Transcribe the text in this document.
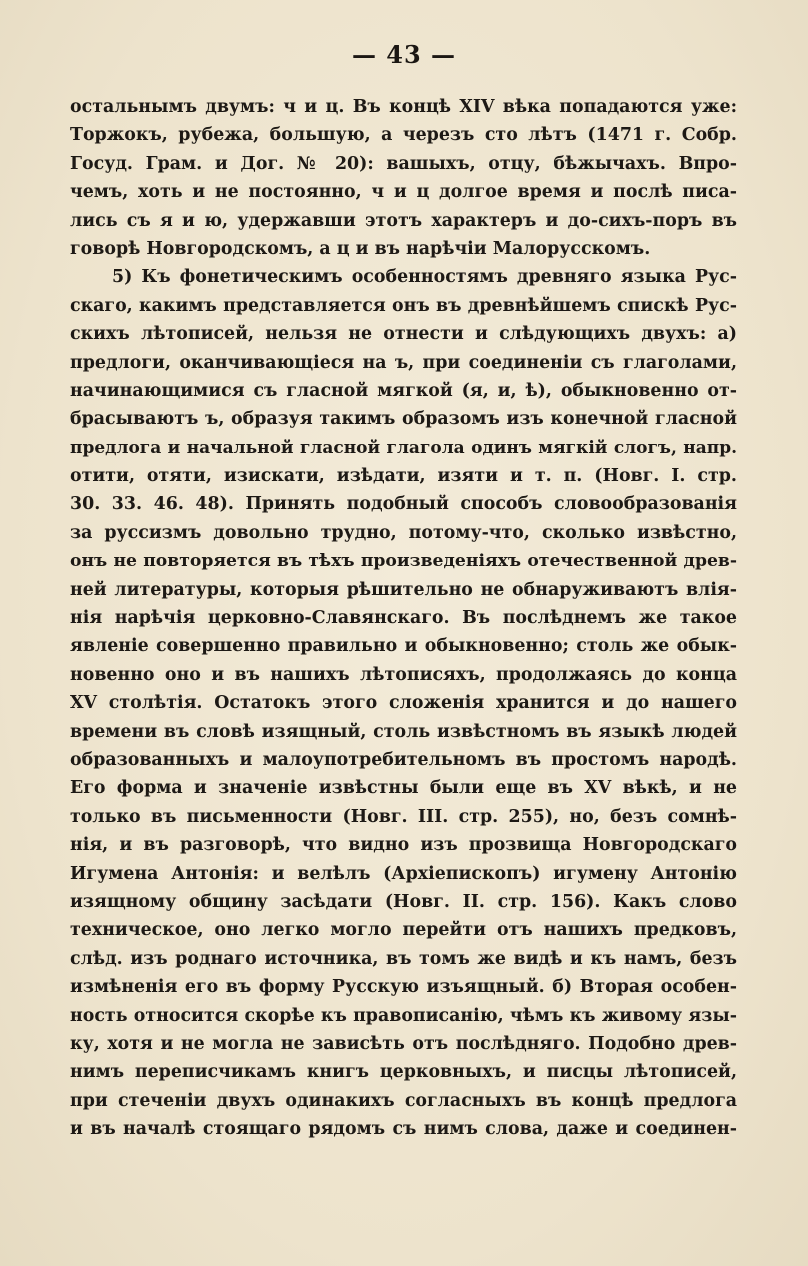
— 43 —
остальнымъ двумъ: ч и ц. Въ концѣ XIV вѣка попадаются уже:
Торжокъ, рубежа, большую, а черезъ сто лѣтъ (1471 г. Собр.
Госуд. Грам. и Дог. № 20): вашыхъ, отцу, бѣжычахъ. Впро-
чемъ, хоть и не постоянно, ч и ц долгое время и послѣ писа-
лись съ я и ю, удержавши этотъ характеръ и до-сихъ-поръ въ
говорѣ Новгородскомъ, а ц и въ нарѣчіи Малорусскомъ.
5) Къ фонетическимъ особенностямъ древняго языка Рус-
скаго, какимъ представляется онъ въ древнѣйшемъ спискѣ Рус-
скихъ лѣтописей, нельзя не отнести и слѣдующихъ двухъ: а)
предлоги, оканчивающіеся на ъ, при соединеніи съ глаголами,
начинающимися съ гласной мягкой (я, и, ѣ), обыкновенно от-
брасываютъ ъ, образуя такимъ образомъ изъ конечной гласной
предлога и начальной гласной глагола одинъ мягкій слогъ, напр.
отити, отяти, изискати, изѣдати, изяти и т. п. (Новг. I. стр.
30. 33. 46. 48). Принять подобный способъ словообразованія
за руссизмъ довольно трудно, потому-что, сколько извѣстно,
онъ не повторяется въ тѣхъ произведеніяхъ отечественной древ-
ней литературы, которыя рѣшительно не обнаруживаютъ влія-
нія нарѣчія церковно-Славянскаго. Въ послѣднемъ же такое
явленіе совершенно правильно и обыкновенно; столь же обык-
новенно оно и въ нашихъ лѣтописяхъ, продолжаясь до конца
XV столѣтія. Остатокъ этого сложенія хранится и до нашего
времени въ словѣ изящный, столь извѣстномъ въ языкѣ людей
образованныхъ и малоупотребительномъ въ простомъ народѣ.
Его форма и значеніе извѣстны были еще въ XV вѣкѣ, и не
только въ письменности (Новг. III. стр. 255), но, безъ сомнѣ-
нія, и въ разговорѣ, что видно изъ прозвища Новгородскаго
Игумена Антонія: и велѣлъ (Архіепископъ) игумену Антонію
изящному общину засѣдати (Новг. II. стр. 156). Какъ слово
техническое, оно легко могло перейти отъ нашихъ предковъ,
слѣд. изъ роднаго источника, въ томъ же видѣ и къ намъ, безъ
измѣненія его въ форму Русскую изъящный. б) Вторая особен-
ность относится скорѣе къ правописанію, чѣмъ къ живому язы-
ку, хотя и не могла не зависѣть отъ послѣдняго. Подобно древ-
нимъ переписчикамъ книгъ церковныхъ, и писцы лѣтописей,
при стеченіи двухъ одинакихъ согласныхъ въ концѣ предлога
и въ началѣ стоящаго рядомъ съ нимъ слова, даже и соединен-
